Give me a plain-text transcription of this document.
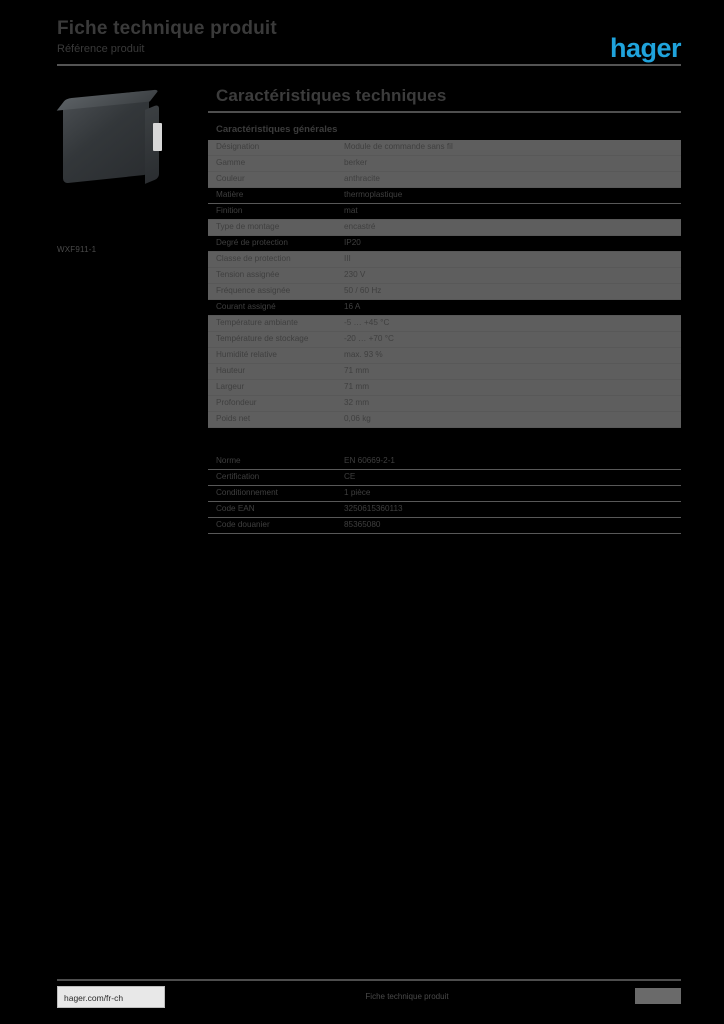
Fiche technique produit
Référence produit	hager
WXF911-1
Caractéristiques techniques
Caractéristiques générales
Désignation	Module de commande sans fil
Gamme	berker
Couleur	anthracite
Matière	thermoplastique
Finition	mat
Type de montage	encastré
Degré de protection	IP20
Classe de protection	III
Tension assignée	230 V
Fréquence assignée	50 / 60 Hz
Courant assigné	16 A
Température ambiante	-5 … +45 °C
Température de stockage	-20 … +70 °C
Humidité relative	max. 93 %
Hauteur	71 mm
Largeur	71 mm
Profondeur	32 mm
Poids net	0,06 kg
Norme	EN 60669-2-1
Certification	CE
Conditionnement	1 pièce
Code EAN	3250615360113
Code douanier	85365080
hager.com/fr-ch	Fiche technique produit
